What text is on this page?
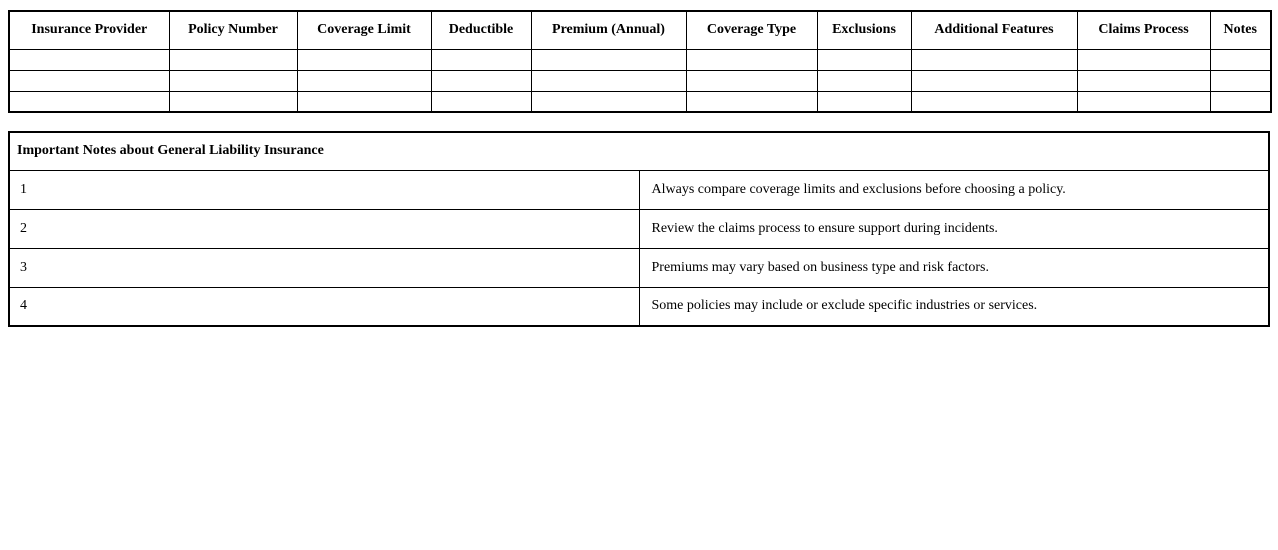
Insurance Provider	Policy Number	Coverage Limit	Deductible	Premium (Annual)	Coverage Type	Exclusions	Additional Features	Claims Process	Notes

Important Notes about General Liability Insurance	
1	Always compare coverage limits and exclusions before choosing a policy.
2	Review the claims process to ensure support during incidents.
3	Premiums may vary based on business type and risk factors.
4	Some policies may include or exclude specific industries or services.
